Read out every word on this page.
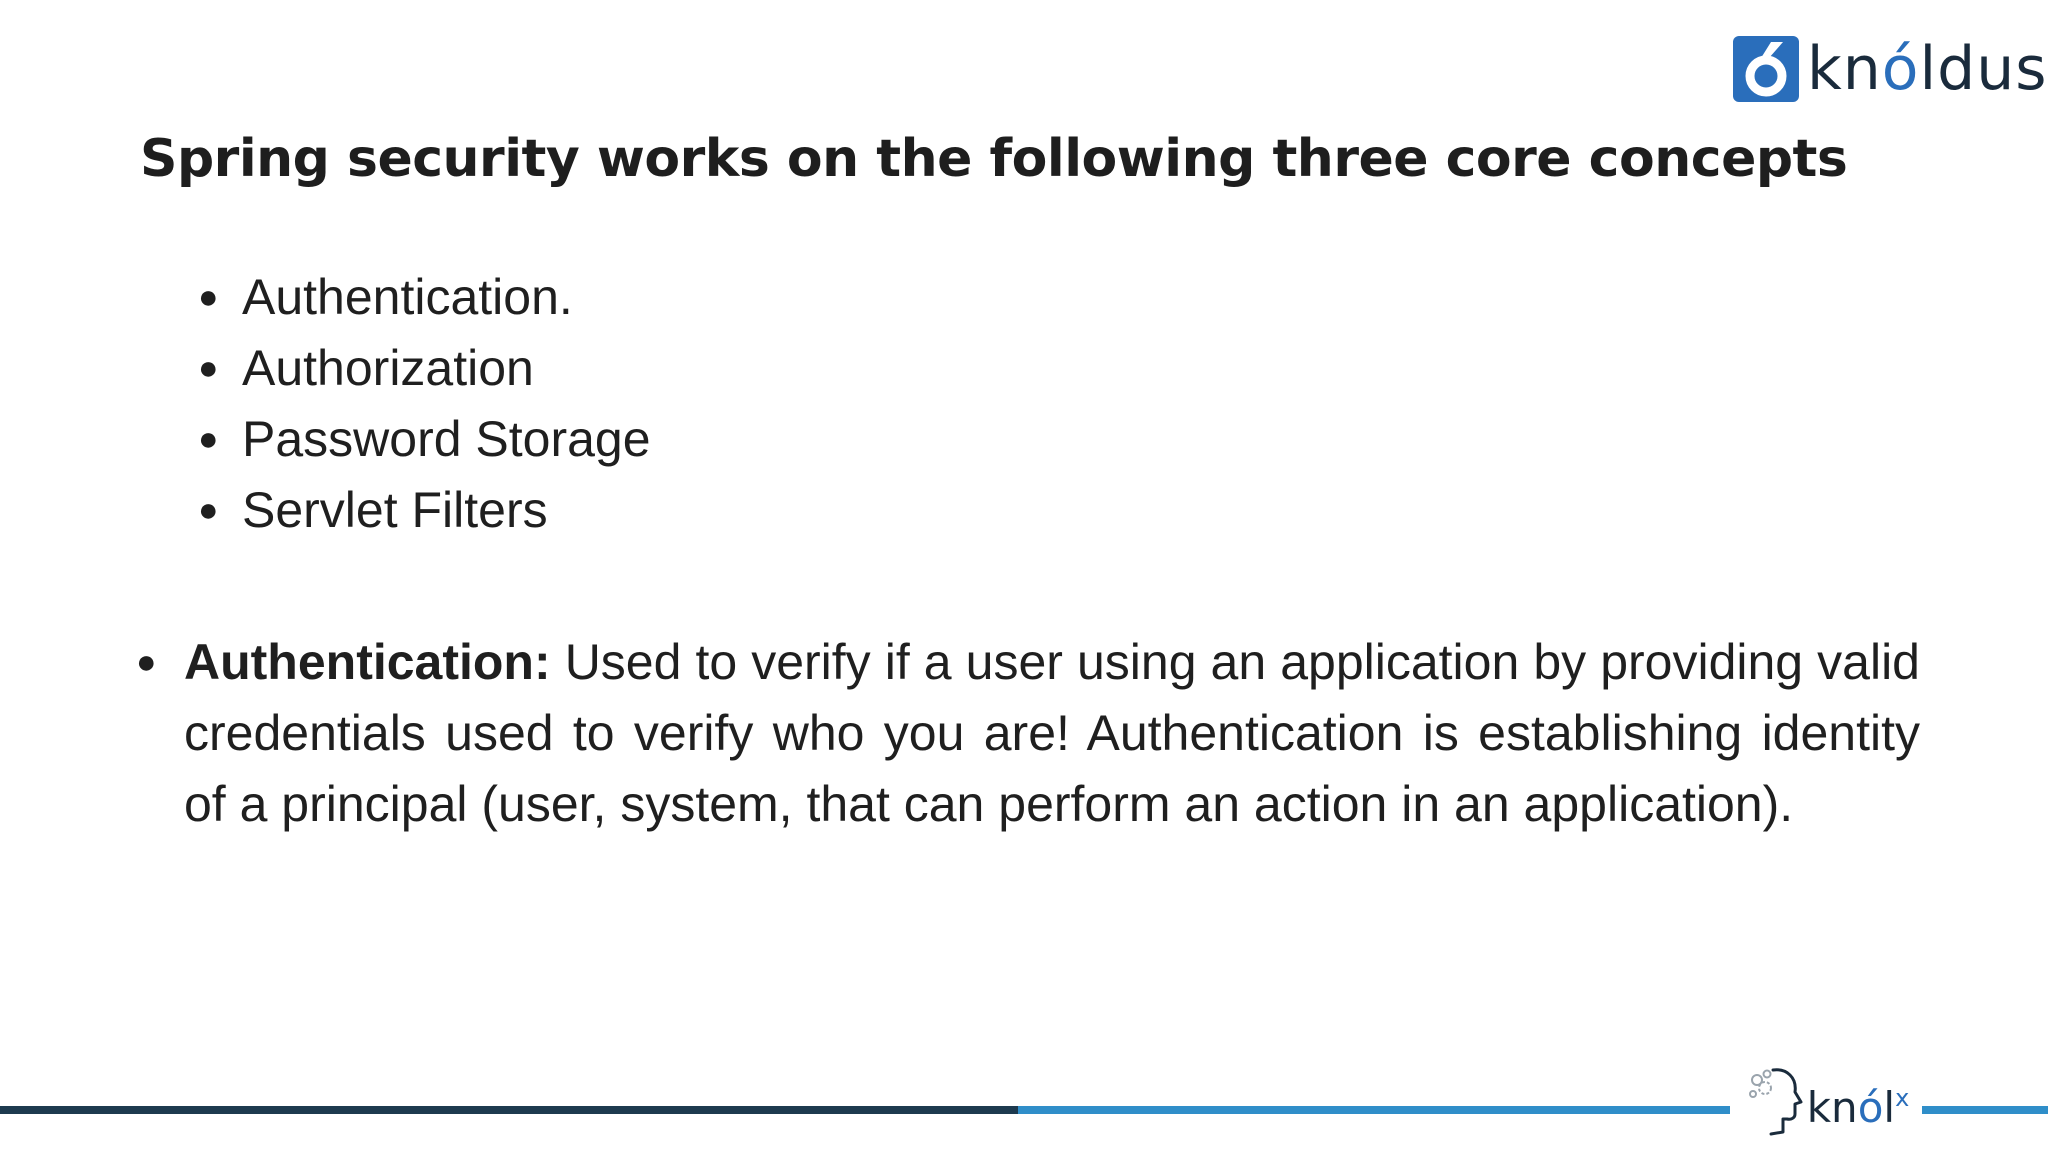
knóldus
Spring security works on the following three core concepts
● Authentication.
● Authorization
● Password Storage
● Servlet Filters
● Authentication: Used to verify if a user using an application by providing valid credentials used to verify who you are! Authentication is establishing identity of a principal (user, system, that can perform an action in an application).

knól$^x$
